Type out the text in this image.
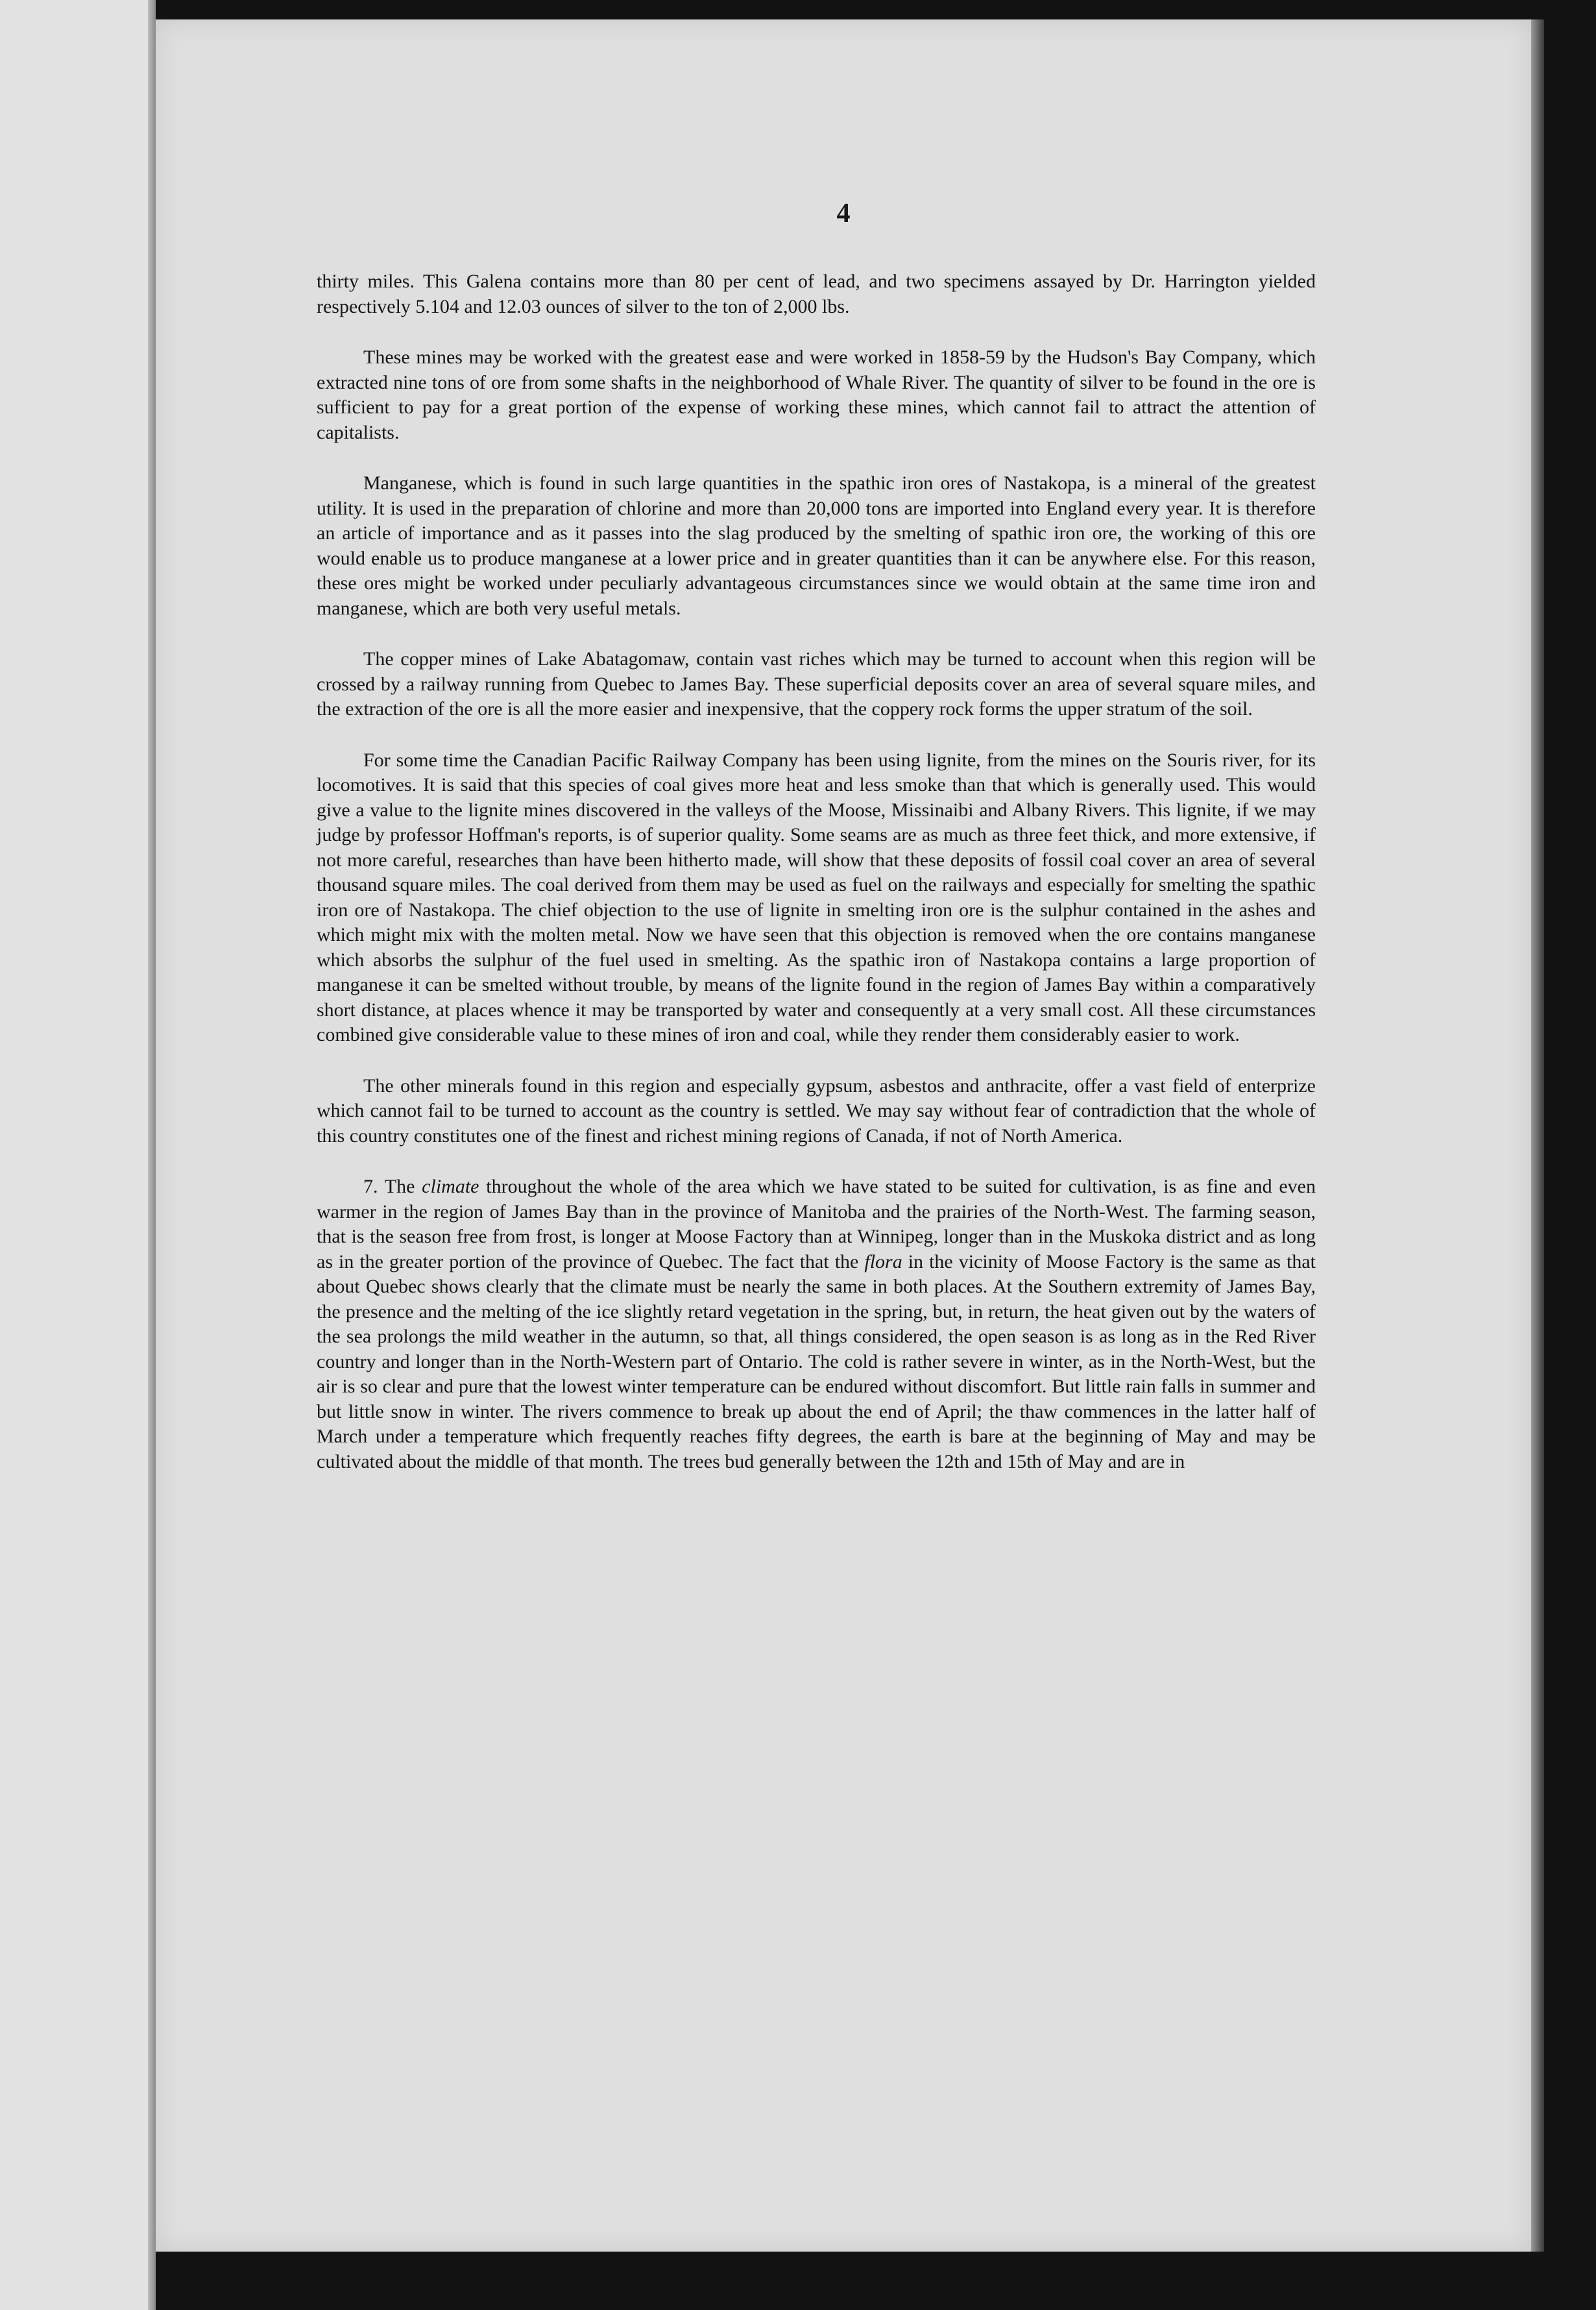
4

thirty miles. This Galena contains more than 80 per cent of lead, and two specimens assayed by Dr. Harrington yielded respectively 5.104 and 12.03 ounces of silver to the ton of 2,000 lbs.

These mines may be worked with the greatest ease and were worked in 1858-59 by the Hudson's Bay Company, which extracted nine tons of ore from some shafts in the neighborhood of Whale River. The quantity of silver to be found in the ore is sufficient to pay for a great portion of the expense of working these mines, which cannot fail to attract the attention of capitalists.

Manganese, which is found in such large quantities in the spathic iron ores of Nastakopa, is a mineral of the greatest utility. It is used in the preparation of chlorine and more than 20,000 tons are imported into England every year. It is therefore an article of importance and as it passes into the slag produced by the smelting of spathic iron ore, the working of this ore would enable us to produce manganese at a lower price and in greater quantities than it can be anywhere else. For this reason, these ores might be worked under peculiarly advantageous circumstances since we would obtain at the same time iron and manganese, which are both very useful metals.

The copper mines of Lake Abatagomaw, contain vast riches which may be turned to account when this region will be crossed by a railway running from Quebec to James Bay. These superficial deposits cover an area of several square miles, and the extraction of the ore is all the more easier and inexpensive, that the coppery rock forms the upper stratum of the soil.

For some time the Canadian Pacific Railway Company has been using lignite, from the mines on the Souris river, for its locomotives. It is said that this species of coal gives more heat and less smoke than that which is generally used. This would give a value to the lignite mines discovered in the valleys of the Moose, Missinaibi and Albany Rivers. This lignite, if we may judge by professor Hoffman's reports, is of superior quality. Some seams are as much as three feet thick, and more extensive, if not more careful, researches than have been hitherto made, will show that these deposits of fossil coal cover an area of several thousand square miles. The coal derived from them may be used as fuel on the railways and especially for smelting the spathic iron ore of Nastakopa. The chief objection to the use of lignite in smelting iron ore is the sulphur contained in the ashes and which might mix with the molten metal. Now we have seen that this objection is removed when the ore contains manganese which absorbs the sulphur of the fuel used in smelting. As the spathic iron of Nastakopa contains a large proportion of manganese it can be smelted without trouble, by means of the lignite found in the region of James Bay within a comparatively short distance, at places whence it may be transported by water and consequently at a very small cost. All these circumstances combined give considerable value to these mines of iron and coal, while they render them considerably easier to work.

The other minerals found in this region and especially gypsum, asbestos and anthracite, offer a vast field of enterprize which cannot fail to be turned to account as the country is settled. We may say without fear of contradiction that the whole of this country constitutes one of the finest and richest mining regions of Canada, if not of North America.

7. The climate throughout the whole of the area which we have stated to be suited for cultivation, is as fine and even warmer in the region of James Bay than in the province of Manitoba and the prairies of the North-West. The farming season, that is the season free from frost, is longer at Moose Factory than at Winnipeg, longer than in the Muskoka district and as long as in the greater portion of the province of Quebec. The fact that the flora in the vicinity of Moose Factory is the same as that about Quebec shows clearly that the climate must be nearly the same in both places. At the Southern extremity of James Bay, the presence and the melting of the ice slightly retard vegetation in the spring, but, in return, the heat given out by the waters of the sea prolongs the mild weather in the autumn, so that, all things considered, the open season is as long as in the Red River country and longer than in the North-Western part of Ontario. The cold is rather severe in winter, as in the North-West, but the air is so clear and pure that the lowest winter temperature can be endured without discomfort. But little rain falls in summer and but little snow in winter. The rivers commence to break up about the end of April; the thaw commences in the latter half of March under a temperature which frequently reaches fifty degrees, the earth is bare at the beginning of May and may be cultivated about the middle of that month. The trees bud generally between the 12th and 15th of May and are in
